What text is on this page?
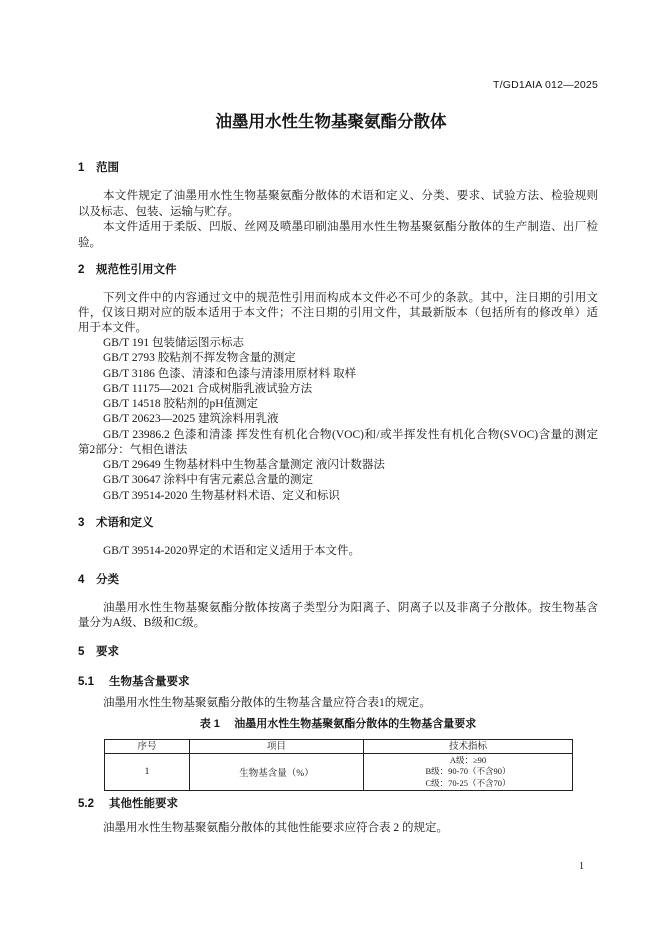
T/GD1AIA 012—2025
油墨用水性生物基聚氨酯分散体
1 范围
本文件规定了油墨用水性生物基聚氨酯分散体的术语和定义、分类、要求、试验方法、检验规则
以及标志、包装、运输与贮存。
本文件适用于柔版、凹版、丝网及喷墨印刷油墨用水性生物基聚氨酯分散体的生产制造、出厂检
验。
2 规范性引用文件
下列文件中的内容通过文中的规范性引用而构成本文件必不可少的条款。其中，注日期的引用文
件，仅该日期对应的版本适用于本文件；不注日期的引用文件，其最新版本（包括所有的修改单）适
用于本文件。
GB/T 191 包装储运图示标志
GB/T 2793 胶粘剂不挥发物含量的测定
GB/T 3186 色漆、清漆和色漆与清漆用原材料 取样
GB/T 11175—2021 合成树脂乳液试验方法
GB/T 14518 胶粘剂的pH值测定
GB/T 20623—2025 建筑涂料用乳液
GB/T 23986.2 色漆和清漆 挥发性有机化合物(VOC)和/或半挥发性有机化合物(SVOC)含量的测定
第2部分：气相色谱法
GB/T 29649 生物基材料中生物基含量测定 液闪计数器法
GB/T 30647 涂料中有害元素总含量的测定
GB/T 39514-2020 生物基材料术语、定义和标识
3 术语和定义
GB/T 39514-2020界定的术语和定义适用于本文件。
4 分类
油墨用水性生物基聚氨酯分散体按离子类型分为阳离子、阴离子以及非离子分散体。按生物基含
量分为A级、B级和C级。
5 要求
5.1 生物基含量要求
油墨用水性生物基聚氨酯分散体的生物基含量应符合表1的规定。
表 1 油墨用水性生物基聚氨酯分散体的生物基含量要求
序号	项目	技术指标
1	生物基含量（%）	A级：≥90
B级：90-70（不含90）
C级：70-25（不含70）
5.2 其他性能要求
油墨用水性生物基聚氨酯分散体的其他性能要求应符合表 2 的规定。
1
